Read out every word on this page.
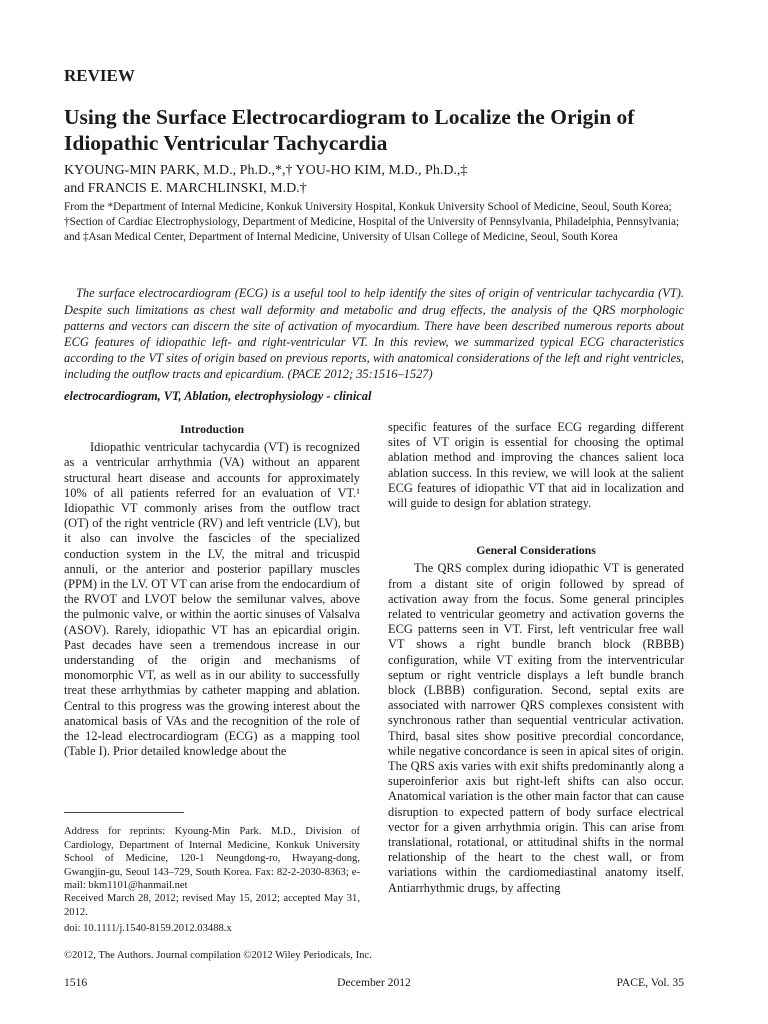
REVIEW
Using the Surface Electrocardiogram to Localize the Origin of Idiopathic Ventricular Tachycardia
KYOUNG-MIN PARK, M.D., Ph.D.,*,† YOU-HO KIM, M.D., Ph.D.,‡
and FRANCIS E. MARCHLINSKI, M.D.†
From the *Department of Internal Medicine, Konkuk University Hospital, Konkuk University School of Medicine, Seoul, South Korea; †Section of Cardiac Electrophysiology, Department of Medicine, Hospital of the University of Pennsylvania, Philadelphia, Pennsylvania; and ‡Asan Medical Center, Department of Internal Medicine, University of Ulsan College of Medicine, Seoul, South Korea

The surface electrocardiogram (ECG) is a useful tool to help identify the sites of origin of ventricular tachycardia (VT). Despite such limitations as chest wall deformity and metabolic and drug effects, the analysis of the QRS morphologic patterns and vectors can discern the site of activation of myocardium. There have been described numerous reports about ECG features of idiopathic left- and right-ventricular VT. In this review, we summarized typical ECG characteristics according to the VT sites of origin based on previous reports, with anatomical considerations of the left and right ventricles, including the outflow tracts and epicardium. (PACE 2012; 35:1516–1527)

electrocardiogram, VT, Ablation, electrophysiology - clinical
Introduction

Idiopathic ventricular tachycardia (VT) is recognized as a ventricular arrhythmia (VA) without an apparent structural heart disease and accounts for approximately 10% of all patients referred for an evaluation of VT.¹ Idiopathic VT commonly arises from the outflow tract (OT) of the right ventricle (RV) and left ventricle (LV), but it also can involve the fascicles of the specialized conduction system in the LV, the mitral and tricuspid annuli, or the anterior and posterior papillary muscles (PPM) in the LV. OT VT can arise from the endocardium of the RVOT and LVOT below the semilunar valves, above the pulmonic valve, or within the aortic sinuses of Valsalva (ASOV). Rarely, idiopathic VT has an epicardial origin. Past decades have seen a tremendous increase in our understanding of the origin and mechanisms of monomorphic VT, as well as in our ability to successfully treat these arrhythmias by catheter mapping and ablation. Central to this progress was the growing interest about the anatomical basis of VAs and the recognition of the role of the 12-lead electrocardiogram (ECG) as a mapping tool (Table I). Prior detailed knowledge about the

specific features of the surface ECG regarding different sites of VT origin is essential for choosing the optimal ablation method and improving the chances salient loca ablation success. In this review, we will look at the salient ECG features of idiopathic VT that aid in localization and will guide to design for ablation strategy.

General Considerations

The QRS complex during idiopathic VT is generated from a distant site of origin followed by spread of activation away from the focus. Some general principles related to ventricular geometry and activation governs the ECG patterns seen in VT. First, left ventricular free wall VT shows a right bundle branch block (RBBB) configuration, while VT exiting from the interventricular septum or right ventricle displays a left bundle branch block (LBBB) configuration. Second, septal exits are associated with narrower QRS complexes consistent with synchronous rather than sequential ventricular activation. Third, basal sites show positive precordial concordance, while negative concordance is seen in apical sites of origin. The QRS axis varies with exit shifts predominantly along a superoinferior axis but right-left shifts can also occur. Anatomical variation is the other main factor that can cause disruption to expected pattern of body surface electrical vector for a given arrhythmia origin. This can arise from translational, rotational, or attitudinal shifts in the normal relationship of the heart to the chest wall, or from variations within the cardiomediastinal anatomy itself. Antiarrhythmic drugs, by affecting

Address for reprints: Kyoung-Min Park. M.D., Division of Cardiology, Department of Internal Medicine, Konkuk University School of Medicine, 120-1 Neungdong-ro, Hwayang-dong, Gwangjin-gu, Seoul 143–729, South Korea. Fax: 82-2-2030-8363; e-mail: bkm1101@hanmail.net
Received March 28, 2012; revised May 15, 2012; accepted May 31, 2012.
doi: 10.1111/j.1540-8159.2012.03488.x
©2012, The Authors. Journal compilation ©2012 Wiley Periodicals, Inc.
1516	December 2012	PACE, Vol. 35
